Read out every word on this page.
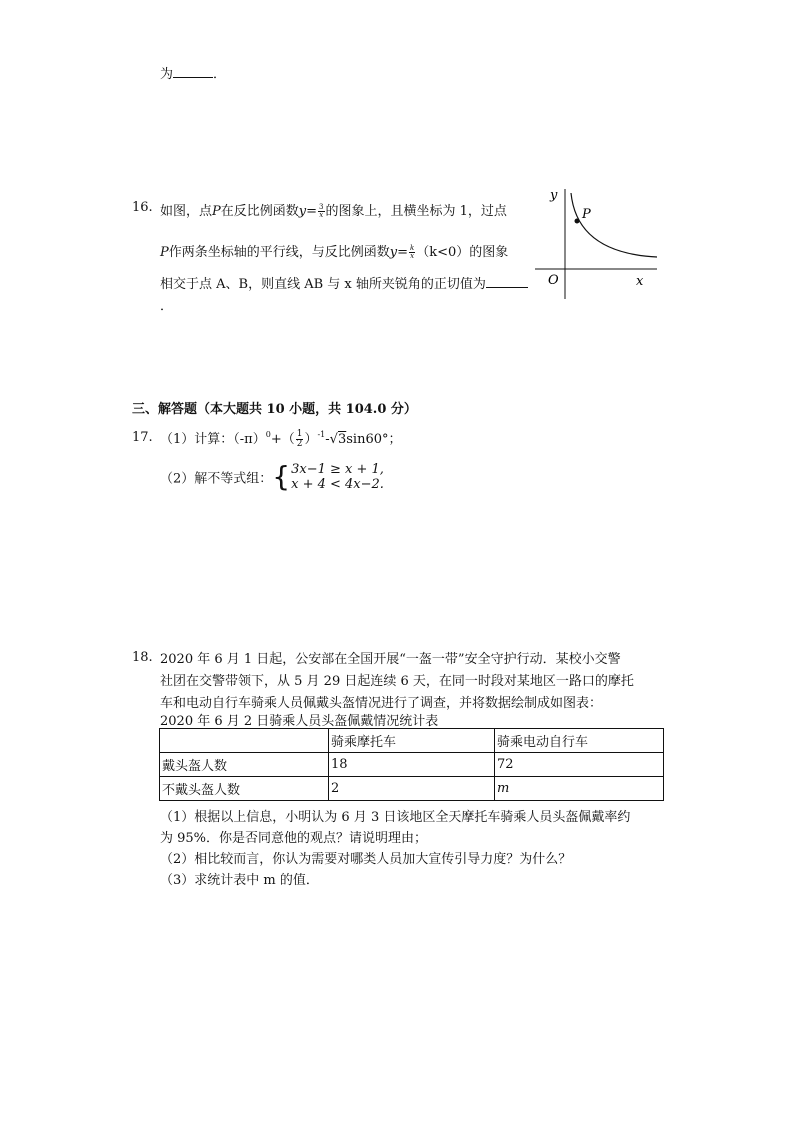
为	．
16. 如图，点P在反比例函数$y= \frac{3}{x}$ 的图象上，且横坐标为 1，过点
P作两条坐标轴的平行线，与反比例函数$y= \frac{k}{x} (k<0)$的图象
相交于点 A、B，则直线 AB 与 x 轴所夹锐角的正切值为
．
y
x
O
P
三、解答题（本大题共 10 小题，共 104.0 分）
17. （1）计算：$(-\pi)^0+( \frac{1}{2} )^{-1}-√3\sin 60^\circ$；
（2）解不等式组： { 3x−1 ≥ x + 1,
x + 4 < 4x−2.
18. 2020 年 6 月 1 日起，公安部在全国开展“一盔一带”安全守护行动．某校小交警
社团在交警带领下，从 5 月 29 日起连续 6 天，在同一时段对某地区一路口的摩托
车和电动自行车骑乘人员佩戴头盔情况进行了调查，并将数据绘制成如图表：
2020 年 6 月 2 日骑乘人员头盔佩戴情况统计表
	骑乘摩托车	骑乘电动自行车
戴头盔人数	18	72
不戴头盔人数	2	m
（1）根据以上信息，小明认为 6 月 3 日该地区全天摩托车骑乘人员头盔佩戴率约
为 95%．你是否同意他的观点？请说明理由；
（2）相比较而言，你认为需要对哪类人员加大宣传引导力度？为什么？
（3）求统计表中 m 的值．
